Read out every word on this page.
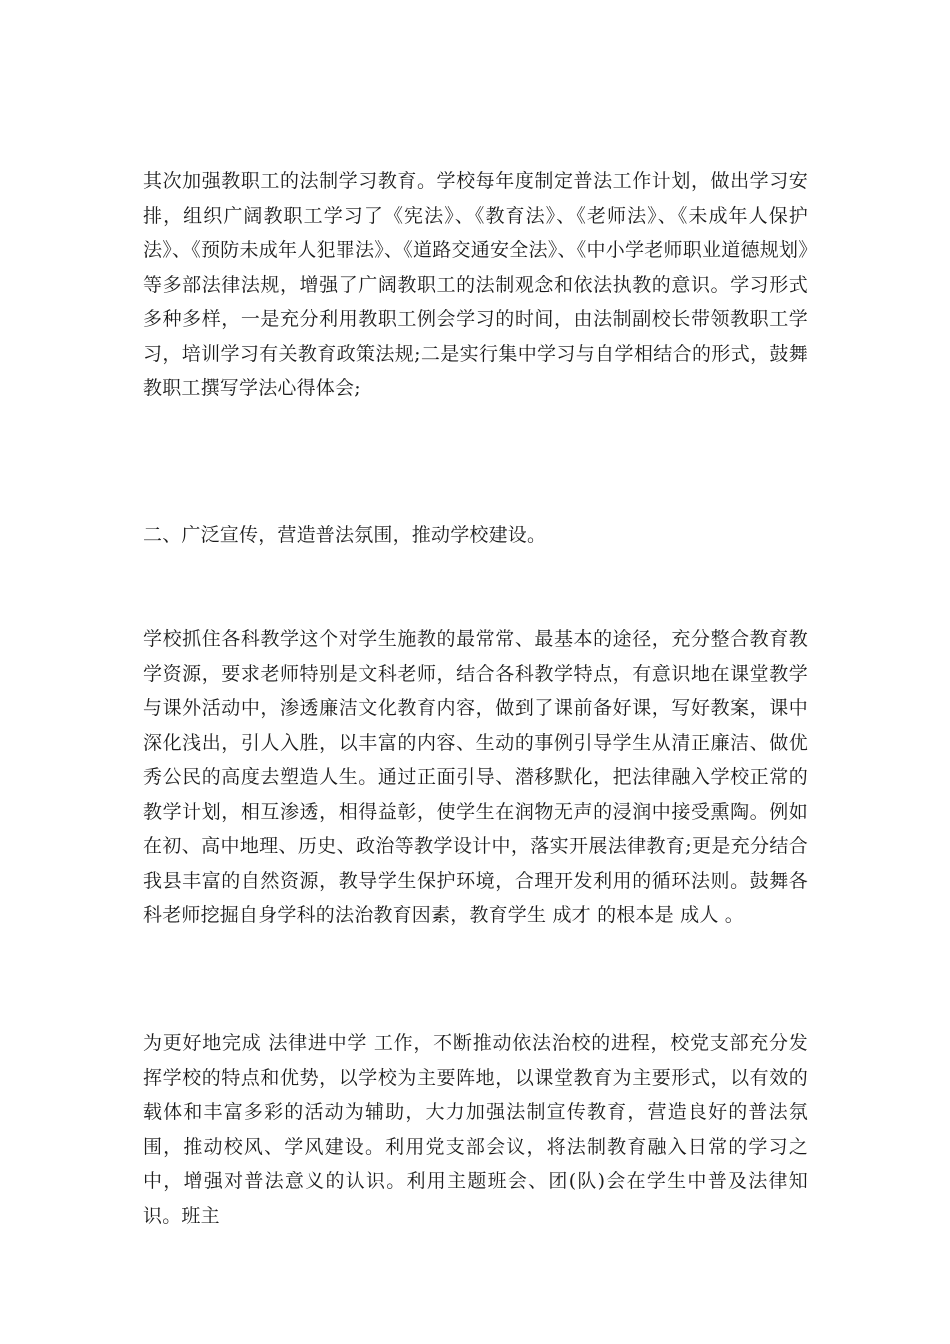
其次加强教职工的法制学习教育。学校每年度制定普法工作计划，做出学习安排，组织广阔教职工学习了《宪法》、《教育法》、《老师法》、《未成年人保护法》、《预防未成年人犯罪法》、《道路交通安全法》、《中小学老师职业道德规划》等多部法律法规，增强了广阔教职工的法制观念和依法执教的意识。学习形式多种多样，一是充分利用教职工例会学习的时间，由法制副校长带领教职工学习，培训学习有关教育政策法规;二是实行集中学习与自学相结合的形式，鼓舞教职工撰写学法心得体会;

二、广泛宣传，营造普法氛围，推动学校建设。

学校抓住各科教学这个对学生施教的最常常、最基本的途径，充分整合教育教学资源，要求老师特别是文科老师，结合各科教学特点，有意识地在课堂教学与课外活动中，渗透廉洁文化教育内容，做到了课前备好课，写好教案，课中深化浅出，引人入胜，以丰富的内容、生动的事例引导学生从清正廉洁、做优秀公民的高度去塑造人生。通过正面引导、潜移默化，把法律融入学校正常的教学计划，相互渗透，相得益彰，使学生在润物无声的浸润中接受熏陶。例如在初、高中地理、历史、政治等教学设计中，落实开展法律教育;更是充分结合我县丰富的自然资源，教导学生保护环境，合理开发利用的循环法则。鼓舞各科老师挖掘自身学科的法治教育因素，教育学生 成才 的根本是 成人 。

为更好地完成 法律进中学 工作，不断推动依法治校的进程，校党支部充分发挥学校的特点和优势，以学校为主要阵地，以课堂教育为主要形式，以有效的载体和丰富多彩的活动为辅助，大力加强法制宣传教育，营造良好的普法氛围，推动校风、学风建设。利用党支部会议，将法制教育融入日常的学习之中，增强对普法意义的认识。利用主题班会、团(队)会在学生中普及法律知识。班主
